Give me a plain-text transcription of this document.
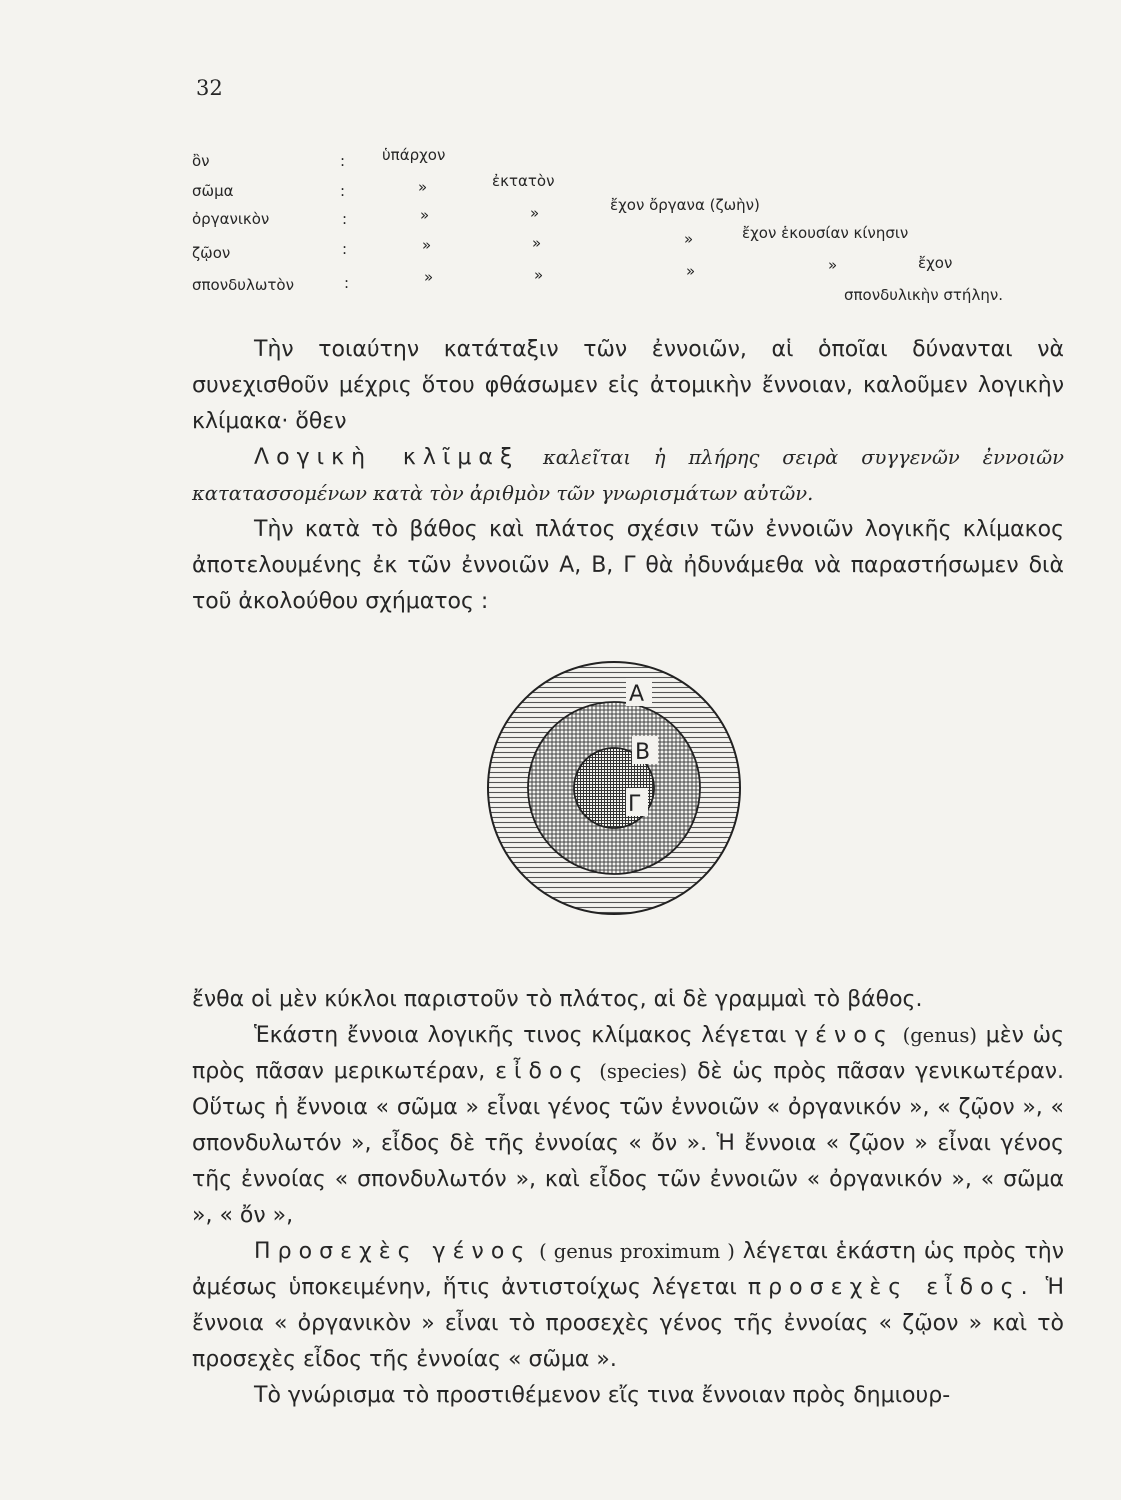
32
ὂν	: ὑπάρχον
σῶμα	:	»	ἐκτατὸν
ὀργανικὸν	:	»	»	ἔχον ὄργανα (ζωὴν)
ζῷον	:	»	»	»	ἔχον ἑκουσίαν κίνησιν
σπονδυλωτὸν	:	»	»	»	»	ἔχον
σπονδυλικὴν στήλην.

Τὴν τοιαύτην κατάταξιν τῶν ἐννοιῶν, αἱ ὁποῖαι δύνανται νὰ συνεχισθοῦν μέχρις ὅτου φθάσωμεν εἰς ἀτομικὴν ἔννοιαν, καλοῦμεν λογικὴν κλίμακα· ὅθεν

Λογικὴ κλῖμαξ καλεῖται ἡ πλήρης σειρὰ συγγενῶν ἐννοιῶν κατατασσομένων κατὰ τὸν ἀριθμὸν τῶν γνωρισμάτων αὐτῶν.

Τὴν κατὰ τὸ βάθος καὶ πλάτος σχέσιν τῶν ἐννοιῶν λογικῆς κλίμακος ἀποτελουμένης ἐκ τῶν ἐννοιῶν Α, Β, Γ θὰ ἠδυνάμεθα νὰ παραστήσωμεν διὰ τοῦ ἀκολούθου σχήματος :

Α
Β
Γ

ἔνθα οἱ μὲν κύκλοι παριστοῦν τὸ πλάτος, αἱ δὲ γραμμαὶ τὸ βάθος.

Ἑκάστη ἔννοια λογικῆς τινος κλίμακος λέγεται γένος (genus) μὲν ὡς πρὸς πᾶσαν μερικωτέραν, εἶδος (species) δὲ ὡς πρὸς πᾶσαν γενικωτέραν. Οὕτως ἡ ἔννοια « σῶμα » εἶναι γένος τῶν ἐννοιῶν « ὀργανικόν », « ζῷον », « σπονδυλωτόν », εἶδος δὲ τῆς ἐννοίας « ὄν ». Ἡ ἔννοια « ζῷον » εἶναι γένος τῆς ἐννοίας « σπονδυλωτόν », καὶ εἶδος τῶν ἐννοιῶν « ὀργανικόν », « σῶμα », « ὄν »,

Προσεχὲς γένος ( genus proximum ) λέγεται ἑκάστη ὡς πρὸς τὴν ἀμέσως ὑποκειμένην, ἥτις ἀντιστοίχως λέγεται προσεχὲς εἶδος. Ἡ ἔννοια « ὀργανικὸν » εἶναι τὸ προσεχὲς γένος τῆς ἐννοίας « ζῷον » καὶ τὸ προσεχὲς εἶδος τῆς ἐννοίας « σῶμα ».

Τὸ γνώρισμα τὸ προστιθέμενον εἴς τινα ἔννοιαν πρὸς δημιουρ-
